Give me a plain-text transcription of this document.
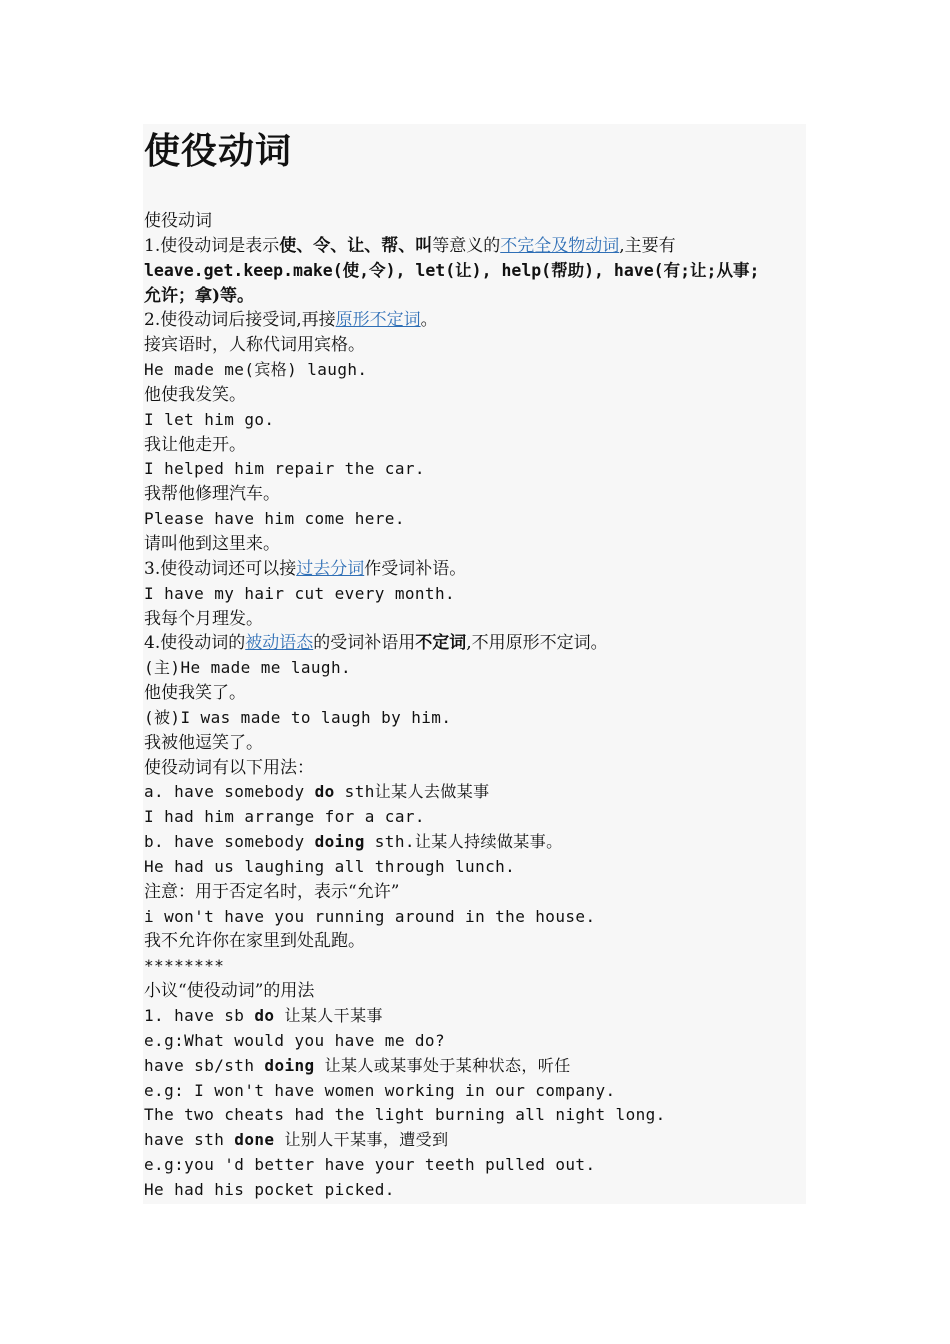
使役动词
使役动词
1.使役动词是表示使、令、让、帮、叫等意义的不完全及物动词,主要有
leave.get.keep.make(使,令), let(让), help(帮助), have(有;让;从事;
允许；拿)等。
2.使役动词后接受词,再接原形不定词。
接宾语时，人称代词用宾格。
He made me(宾格) laugh.
他使我发笑。
I let him go.
我让他走开。
I helped him repair the car.
我帮他修理汽车。
Please have him come here.
请叫他到这里来。
3.使役动词还可以接过去分词作受词补语。
I have my hair cut every month.
我每个月理发。
4.使役动词的被动语态的受词补语用不定词,不用原形不定词。
(主)He made me laugh.
他使我笑了。
(被)I was made to laugh by him.
我被他逗笑了。
使役动词有以下用法：
a. have somebody do sth让某人去做某事
I had him arrange for a car.
b. have somebody doing sth.让某人持续做某事。
He had us laughing all through lunch.
注意：用于否定名时，表示“允许”
i won't have you running around in the house.
我不允许你在家里到处乱跑。
********
小议“使役动词”的用法
1. have sb do 让某人干某事
e.g:What would you have me do?
have sb/sth doing 让某人或某事处于某种状态，听任
e.g: I won't have women working in our company.
The two cheats had the light burning all night long.
have sth done 让别人干某事，遭受到
e.g:you 'd better have your teeth pulled out.
He had his pocket picked.
